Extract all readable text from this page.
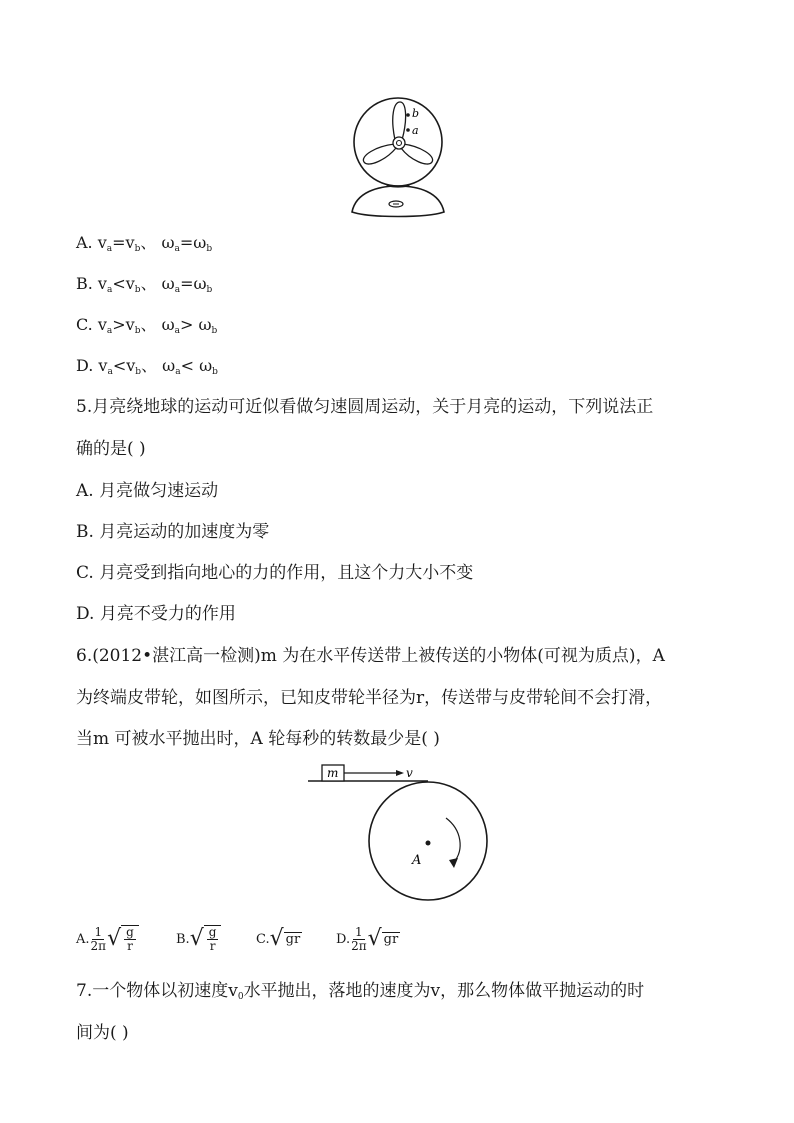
b
a
A. $v_a=v_b$、 $\omega_a=\omega_b$
B. $v_a<v_b$、 $\omega_a=\omega_b$
C. $v_a>v_b$、 $\omega_a> \omega_b$
D. $v_a<v_b$、 $\omega_a< \omega_b$
5.月亮绕地球的运动可近似看做匀速圆周运动，关于月亮的运动，下列说法正
确的是( )
A. 月亮做匀速运动
B. 月亮运动的加速度为零
C. 月亮受到指向地心的力的作用，且这个力大小不变
D. 月亮不受力的作用
6.(2012•湛江高一检测)m 为在水平传送带上被传送的小物体(可视为质点)，A
为终端皮带轮，如图所示，已知皮带轮半径为r，传送带与皮带轮间不会打滑，
当m 可被水平抛出时，A 轮每秒的转数最少是( )
m	v
A
A. $\frac{1}{2\pi}$ √ $\frac{g}{r}$	B. √ $\frac{g}{r}$	C. √ gr	D. $\frac{1}{2\pi}$ √ gr
7.一个物体以初速度$v_0$水平抛出，落地的速度为v，那么物体做平抛运动的时
间为( )
